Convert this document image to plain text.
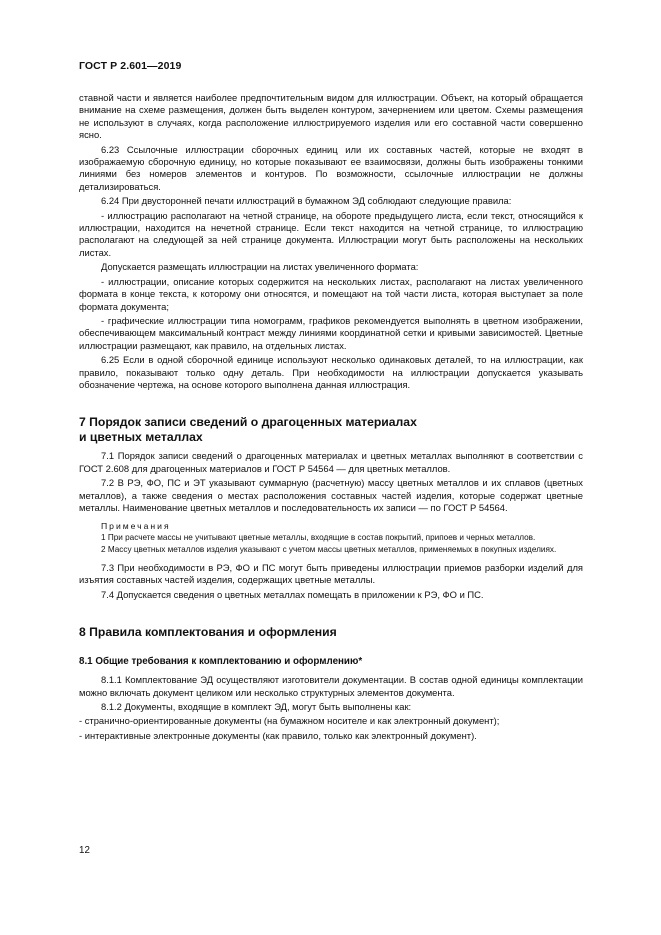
ГОСТ Р 2.601—2019

ставной части и является наиболее предпочтительным видом для иллюстрации. Объект, на который обращается внимание на схеме размещения, должен быть выделен контуром, зачернением или цветом. Схемы размещения не используют в случаях, когда расположение иллюстрируемого изделия или его составной части совершенно ясно.

6.23 Ссылочные иллюстрации сборочных единиц или их составных частей, которые не входят в изображаемую сборочную единицу, но которые показывают ее взаимосвязи, должны быть изображены тонкими линиями без номеров элементов и контуров. По возможности, ссылочные иллюстрации не должны детализироваться.

6.24 При двусторонней печати иллюстраций в бумажном ЭД соблюдают следующие правила:

- иллюстрацию располагают на четной странице, на обороте предыдущего листа, если текст, относящийся к иллюстрации, находится на нечетной странице. Если текст находится на четной странице, то иллюстрацию располагают на следующей за ней странице документа. Иллюстрации могут быть расположены на нескольких листах.

Допускается размещать иллюстрации на листах увеличенного формата:

- иллюстрации, описание которых содержится на нескольких листах, располагают на листах увеличенного формата в конце текста, к которому они относятся, и помещают на той части листа, которая выступает за поле формата документа;

- графические иллюстрации типа номограмм, графиков рекомендуется выполнять в цветном изображении, обеспечивающем максимальный контраст между линиями координатной сетки и кривыми зависимостей. Цветные иллюстрации размещают, как правило, на отдельных листах.

6.25 Если в одной сборочной единице используют несколько одинаковых деталей, то на иллюстрации, как правило, показывают только одну деталь. При необходимости на иллюстрации допускается указывать обозначение чертежа, на основе которого выполнена данная иллюстрация.

7 Порядок записи сведений о драгоценных материалах
и цветных металлах

7.1 Порядок записи сведений о драгоценных материалах и цветных металлах выполняют в соответствии с ГОСТ 2.608 для драгоценных материалов и ГОСТ Р 54564 — для цветных металлов.

7.2 В РЭ, ФО, ПС и ЭТ указывают суммарную (расчетную) массу цветных металлов и их сплавов (цветных металлов), а также сведения о местах расположения составных частей изделия, которые содержат цветные металлы. Наименование цветных металлов и последовательность их записи — по ГОСТ Р 54564.

Примечания

1 При расчете массы не учитывают цветные металлы, входящие в состав покрытий, припоев и черных металлов.

2 Массу цветных металлов изделия указывают с учетом массы цветных металлов, применяемых в покупных изделиях.

7.3 При необходимости в РЭ, ФО и ПС могут быть приведены иллюстрации приемов разборки изделий для изъятия составных частей изделия, содержащих цветные металлы.

7.4 Допускается сведения о цветных металлах помещать в приложении к РЭ, ФО и ПС.

8 Правила комплектования и оформления
8.1 Общие требования к комплектованию и оформлению*

8.1.1 Комплектование ЭД осуществляют изготовители документации. В состав одной единицы комплектации можно включать документ целиком или несколько структурных элементов документа.

8.1.2 Документы, входящие в комплект ЭД, могут быть выполнены как:

- странично-ориентированные документы (на бумажном носителе и как электронный документ);

- интерактивные электронные документы (как правило, только как электронный документ).

12
